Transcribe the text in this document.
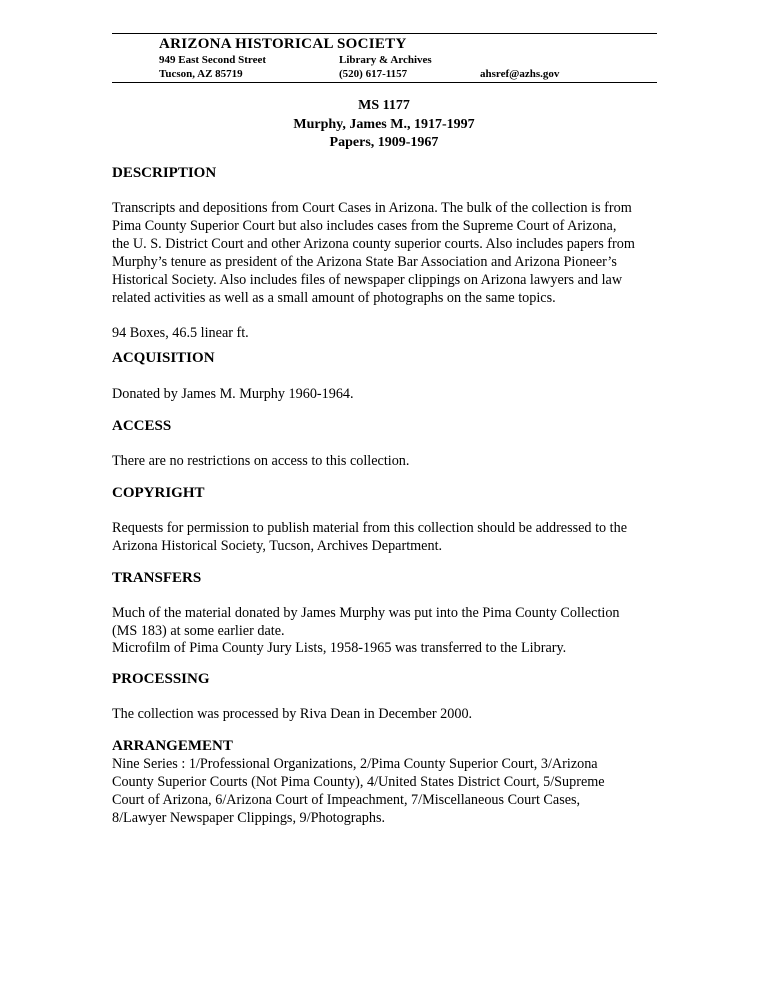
ARIZONA HISTORICAL SOCIETY
949 East Second Street
Tucson, AZ 85719
Library & Archives
(520) 617-1157	ahsref@azhs.gov
MS 1177
Murphy, James M., 1917-1997
Papers, 1909-1967
DESCRIPTION
Transcripts and depositions from Court Cases in Arizona. The bulk of the collection is from
Pima County Superior Court but also includes cases from the Supreme Court of Arizona,
the U. S. District Court and other Arizona county superior courts. Also includes papers from
Murphy’s tenure as president of the Arizona State Bar Association and Arizona Pioneer’s
Historical Society. Also includes files of newspaper clippings on Arizona lawyers and law
related activities as well as a small amount of photographs on the same topics.
94 Boxes, 46.5 linear ft.
ACQUISITION
Donated by James M. Murphy 1960-1964.
ACCESS
There are no restrictions on access to this collection.
COPYRIGHT
Requests for permission to publish material from this collection should be addressed to the
Arizona Historical Society, Tucson, Archives Department.
TRANSFERS
Much of the material donated by James Murphy was put into the Pima County Collection
(MS 183) at some earlier date.
Microfilm of Pima County Jury Lists, 1958-1965 was transferred to the Library.
PROCESSING
The collection was processed by Riva Dean in December 2000.
ARRANGEMENT
Nine Series : 1/Professional Organizations, 2/Pima County Superior Court, 3/Arizona
County Superior Courts (Not Pima County), 4/United States District Court, 5/Supreme
Court of Arizona, 6/Arizona Court of Impeachment, 7/Miscellaneous Court Cases,
8/Lawyer Newspaper Clippings, 9/Photographs.
